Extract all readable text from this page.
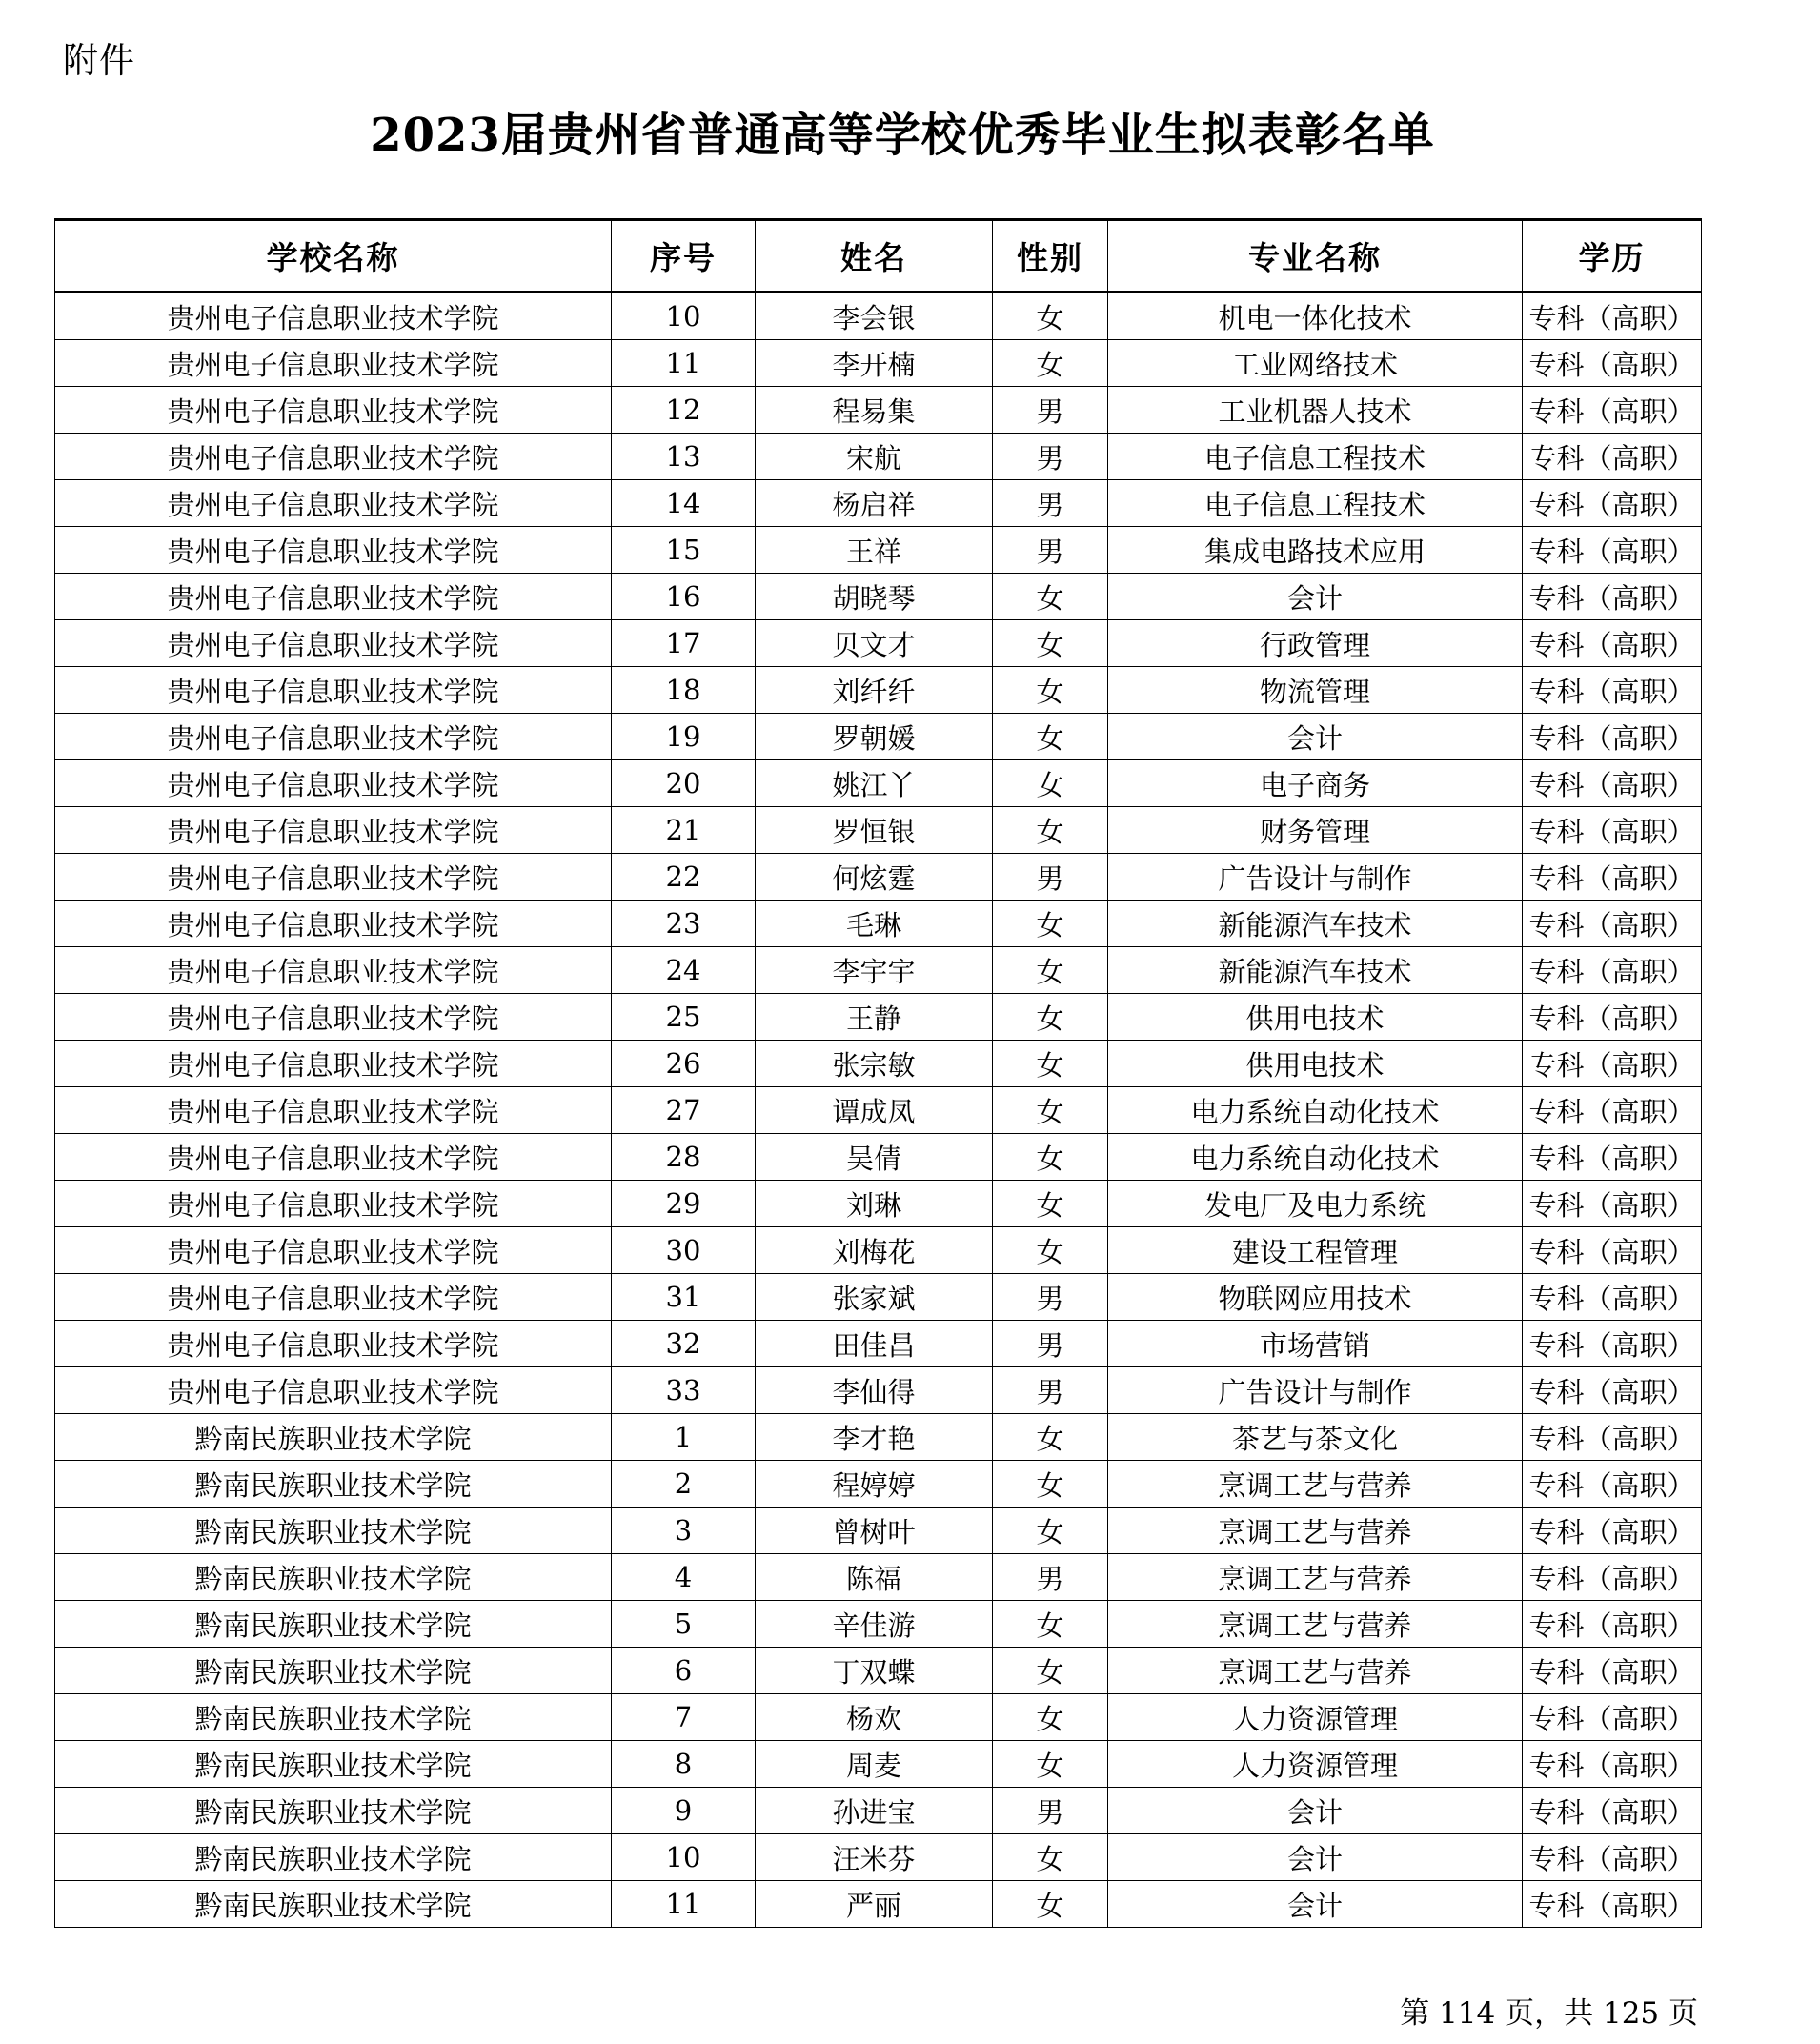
附件
2023届贵州省普通高等学校优秀毕业生拟表彰名单
学校名称	序号	姓名	性别	专业名称	学历
贵州电子信息职业技术学院	10	李会银	女	机电一体化技术	专科（高职）
贵州电子信息职业技术学院	11	李开楠	女	工业网络技术	专科（高职）
贵州电子信息职业技术学院	12	程易集	男	工业机器人技术	专科（高职）
贵州电子信息职业技术学院	13	宋航	男	电子信息工程技术	专科（高职）
贵州电子信息职业技术学院	14	杨启祥	男	电子信息工程技术	专科（高职）
贵州电子信息职业技术学院	15	王祥	男	集成电路技术应用	专科（高职）
贵州电子信息职业技术学院	16	胡晓琴	女	会计	专科（高职）
贵州电子信息职业技术学院	17	贝文才	女	行政管理	专科（高职）
贵州电子信息职业技术学院	18	刘纤纤	女	物流管理	专科（高职）
贵州电子信息职业技术学院	19	罗朝媛	女	会计	专科（高职）
贵州电子信息职业技术学院	20	姚江丫	女	电子商务	专科（高职）
贵州电子信息职业技术学院	21	罗恒银	女	财务管理	专科（高职）
贵州电子信息职业技术学院	22	何炫霆	男	广告设计与制作	专科（高职）
贵州电子信息职业技术学院	23	毛琳	女	新能源汽车技术	专科（高职）
贵州电子信息职业技术学院	24	李宇宇	女	新能源汽车技术	专科（高职）
贵州电子信息职业技术学院	25	王静	女	供用电技术	专科（高职）
贵州电子信息职业技术学院	26	张宗敏	女	供用电技术	专科（高职）
贵州电子信息职业技术学院	27	谭成凤	女	电力系统自动化技术	专科（高职）
贵州电子信息职业技术学院	28	吴倩	女	电力系统自动化技术	专科（高职）
贵州电子信息职业技术学院	29	刘琳	女	发电厂及电力系统	专科（高职）
贵州电子信息职业技术学院	30	刘梅花	女	建设工程管理	专科（高职）
贵州电子信息职业技术学院	31	张家斌	男	物联网应用技术	专科（高职）
贵州电子信息职业技术学院	32	田佳昌	男	市场营销	专科（高职）
贵州电子信息职业技术学院	33	李仙得	男	广告设计与制作	专科（高职）
黔南民族职业技术学院	1	李才艳	女	茶艺与茶文化	专科（高职）
黔南民族职业技术学院	2	程婷婷	女	烹调工艺与营养	专科（高职）
黔南民族职业技术学院	3	曾树叶	女	烹调工艺与营养	专科（高职）
黔南民族职业技术学院	4	陈福	男	烹调工艺与营养	专科（高职）
黔南民族职业技术学院	5	辛佳游	女	烹调工艺与营养	专科（高职）
黔南民族职业技术学院	6	丁双蝶	女	烹调工艺与营养	专科（高职）
黔南民族职业技术学院	7	杨欢	女	人力资源管理	专科（高职）
黔南民族职业技术学院	8	周麦	女	人力资源管理	专科（高职）
黔南民族职业技术学院	9	孙进宝	男	会计	专科（高职）
黔南民族职业技术学院	10	汪米芬	女	会计	专科（高职）
黔南民族职业技术学院	11	严丽	女	会计	专科（高职）
第 114 页，共 125 页
